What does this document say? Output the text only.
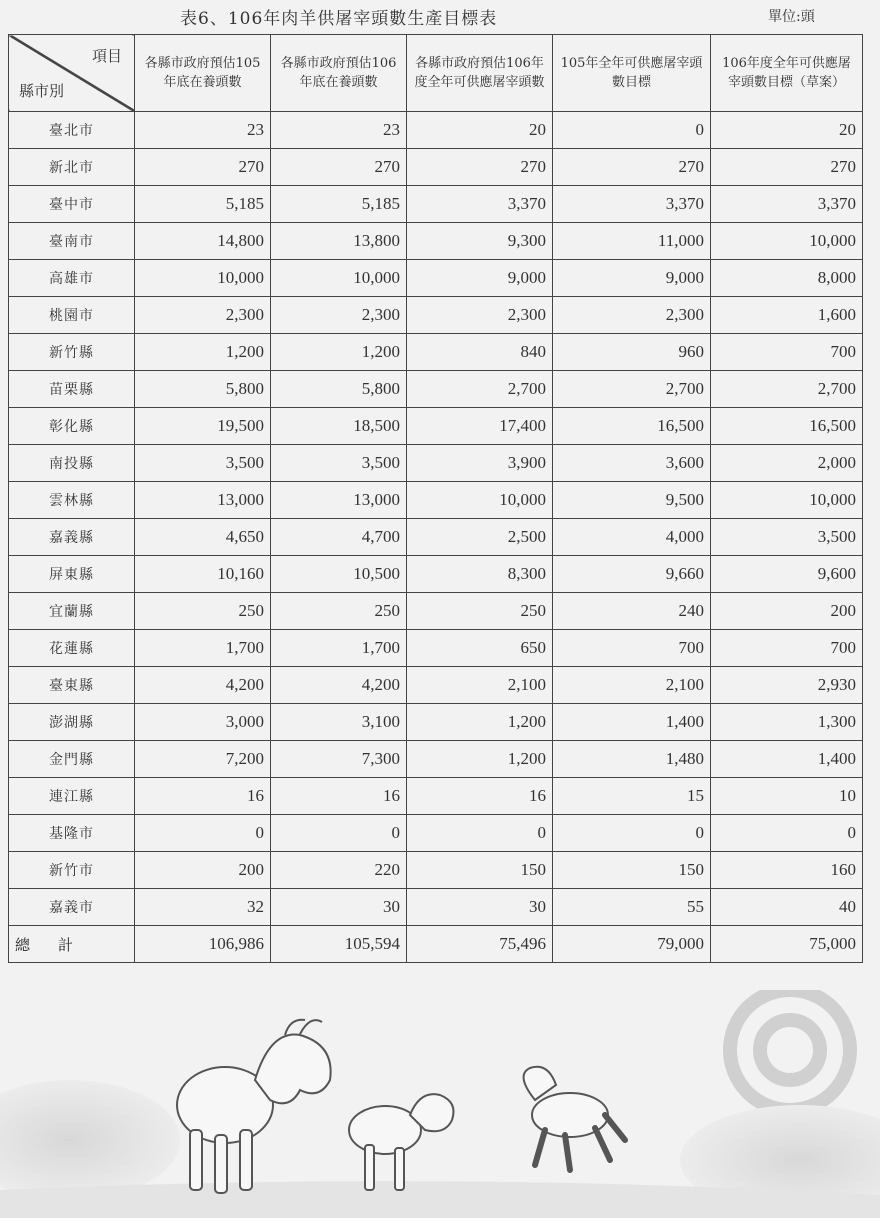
表6、106年肉羊供屠宰頭數生產目標表	單位:頭
項目
縣市別	各縣市政府預估105年底在養頭數	各縣市政府預估106年底在養頭數	各縣市政府預估106年度全年可供應屠宰頭數	105年全年可供應屠宰頭數目標	106年度全年可供應屠宰頭數目標（草案）
臺北市	23	23	20	0	20
新北市	270	270	270	270	270
臺中市	5,185	5,185	3,370	3,370	3,370
臺南市	14,800	13,800	9,300	11,000	10,000
高雄市	10,000	10,000	9,000	9,000	8,000
桃園市	2,300	2,300	2,300	2,300	1,600
新竹縣	1,200	1,200	840	960	700
苗栗縣	5,800	5,800	2,700	2,700	2,700
彰化縣	19,500	18,500	17,400	16,500	16,500
南投縣	3,500	3,500	3,900	3,600	2,000
雲林縣	13,000	13,000	10,000	9,500	10,000
嘉義縣	4,650	4,700	2,500	4,000	3,500
屏東縣	10,160	10,500	8,300	9,660	9,600
宜蘭縣	250	250	250	240	200
花蓮縣	1,700	1,700	650	700	700
臺東縣	4,200	4,200	2,100	2,100	2,930
澎湖縣	3,000	3,100	1,200	1,400	1,300
金門縣	7,200	7,300	1,200	1,480	1,400
連江縣	16	16	16	15	10
基隆市	0	0	0	0	0
新竹市	200	220	150	150	160
嘉義市	32	30	30	55	40
總計	106,986	105,594	75,496	79,000	75,000
